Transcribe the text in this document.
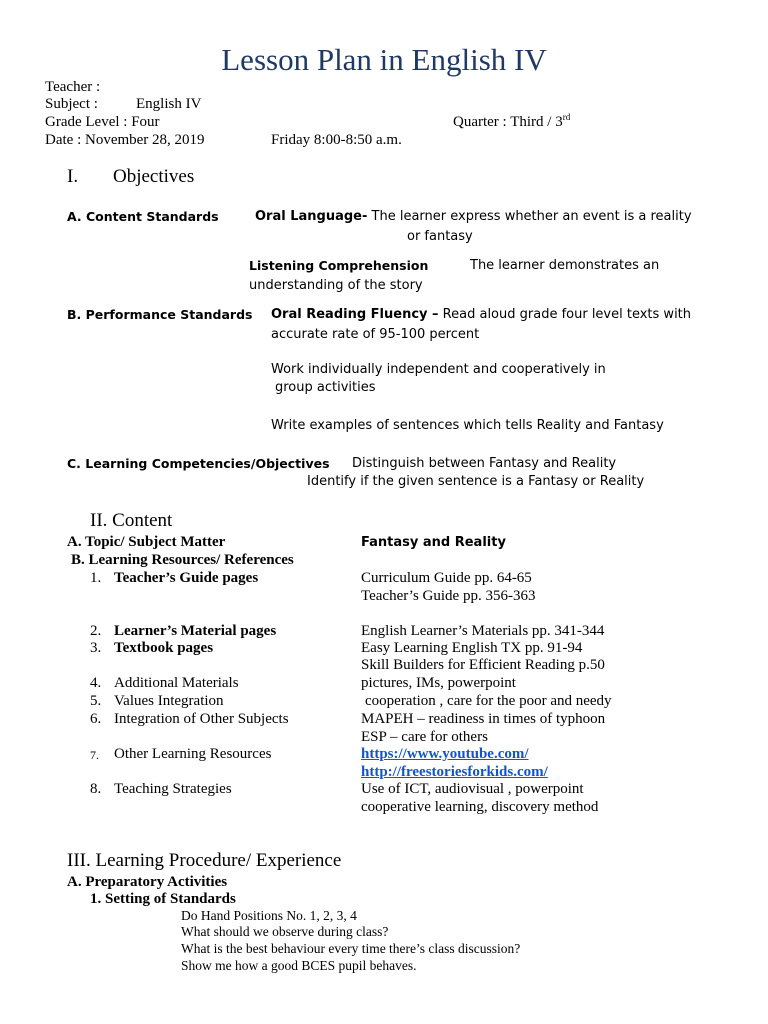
Lesson Plan in English IV
Teacher :
Subject :	English IV
Grade Level : Four	Quarter : Third / 3rd
Date : November 28, 2019	Friday 8:00-8:50 a.m.
I. Objectives
A. Content Standards	Oral Language- The learner express whether an event is a reality
or fantasy
Listening Comprehension	The learner demonstrates an
understanding of the story
B. Performance Standards Oral Reading Fluency – Read aloud grade four level texts with
accurate rate of 95-100 percent
Work individually independent and cooperatively in
group activities
Write examples of sentences which tells Reality and Fantasy
C. Learning Competencies/Objectives Distinguish between Fantasy and Reality
Identify if the given sentence is a Fantasy or Reality
II. Content
A. Topic/ Subject Matter	Fantasy and Reality
B. Learning Resources/ References
1. Teacher’s Guide pages	Curriculum Guide pp. 64-65
Teacher’s Guide pp. 356-363
2. Learner’s Material pages	English Learner’s Materials pp. 341-344
3. Textbook pages	Easy Learning English TX pp. 91-94
Skill Builders for Efficient Reading p.50
4. Additional Materials	pictures, IMs, powerpoint
5. Values Integration	cooperation , care for the poor and needy
6. Integration of Other Subjects	MAPEH – readiness in times of typhoon
ESP – care for others
7. Other Learning Resources	https://www.youtube.com/
http://freestoriesforkids.com/
8. Teaching Strategies	Use of ICT, audiovisual , powerpoint
cooperative learning, discovery method
III. Learning Procedure/ Experience
A. Preparatory Activities
1. Setting of Standards
Do Hand Positions No. 1, 2, 3, 4
What should we observe during class?
What is the best behaviour every time there’s class discussion?
Show me how a good BCES pupil behaves.
